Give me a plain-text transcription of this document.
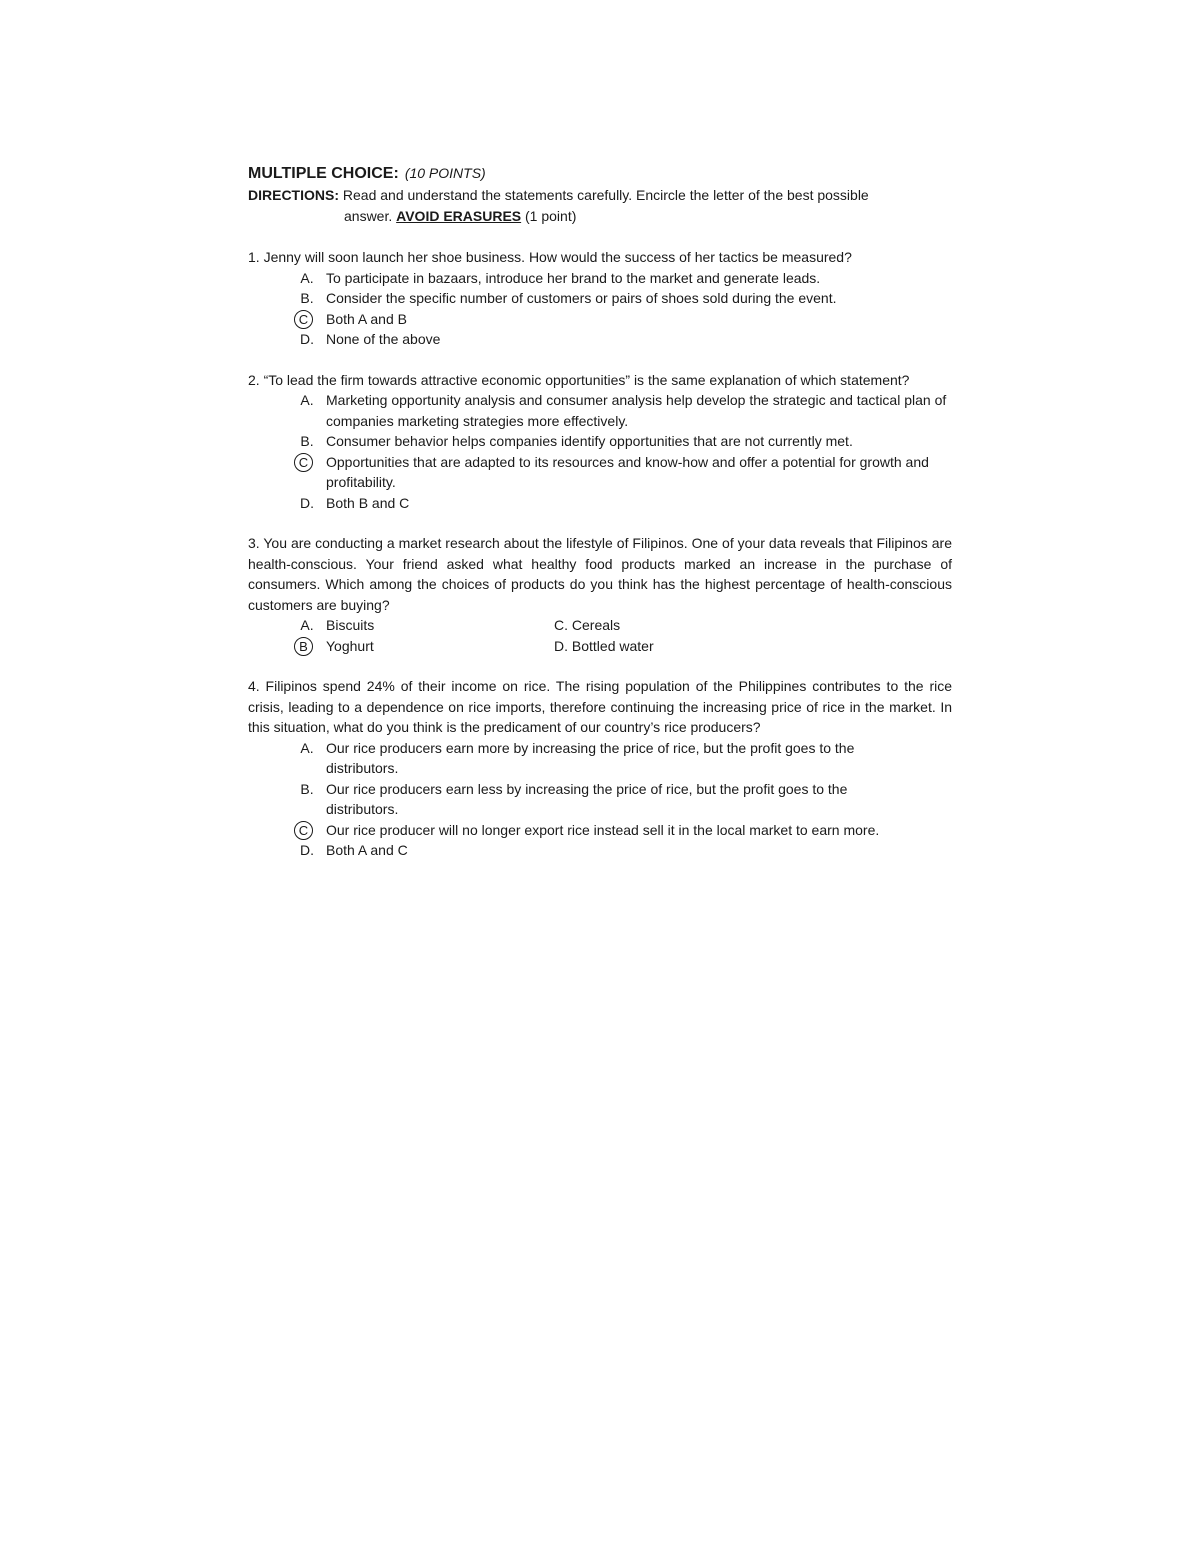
MULTIPLE CHOICE: (10 POINTS)
DIRECTIONS: Read and understand the statements carefully. Encircle the letter of the best possible
answer. AVOID ERASURES (1 point)
1. Jenny will soon launch her shoe business. How would the success of her tactics be measured?
A. To participate in bazaars, introduce her brand to the market and generate leads.
B. Consider the specific number of customers or pairs of shoes sold during the event.
C	Both A and B
D. None of the above
2. “To lead the firm towards attractive economic opportunities” is the same explanation of which statement?
A. Marketing opportunity analysis and consumer analysis help develop the strategic and tactical plan of companies marketing strategies more effectively.
B. Consumer behavior helps companies identify opportunities that are not currently met.
C	Opportunities that are adapted to its resources and know-how and offer a potential for growth and profitability.
D. Both B and C
3. You are conducting a market research about the lifestyle of Filipinos. One of your data reveals that Filipinos are health-conscious. Your friend asked what healthy food products marked an increase in the purchase of consumers. Which among the choices of products do you think has the highest percentage of health-conscious customers are buying?
A. Biscuits	C. Cereals
B	Yoghurt	D. Bottled water
4. Filipinos spend 24% of their income on rice. The rising population of the Philippines contributes to the rice crisis, leading to a dependence on rice imports, therefore continuing the increasing price of rice in the market. In this situation, what do you think is the predicament of our country’s rice producers?
A. Our rice producers earn more by increasing the price of rice, but the profit goes to the distributors.
B. Our rice producers earn less by increasing the price of rice, but the profit goes to the distributors.
C	Our rice producer will no longer export rice instead sell it in the local market to earn more.
D. Both A and C
